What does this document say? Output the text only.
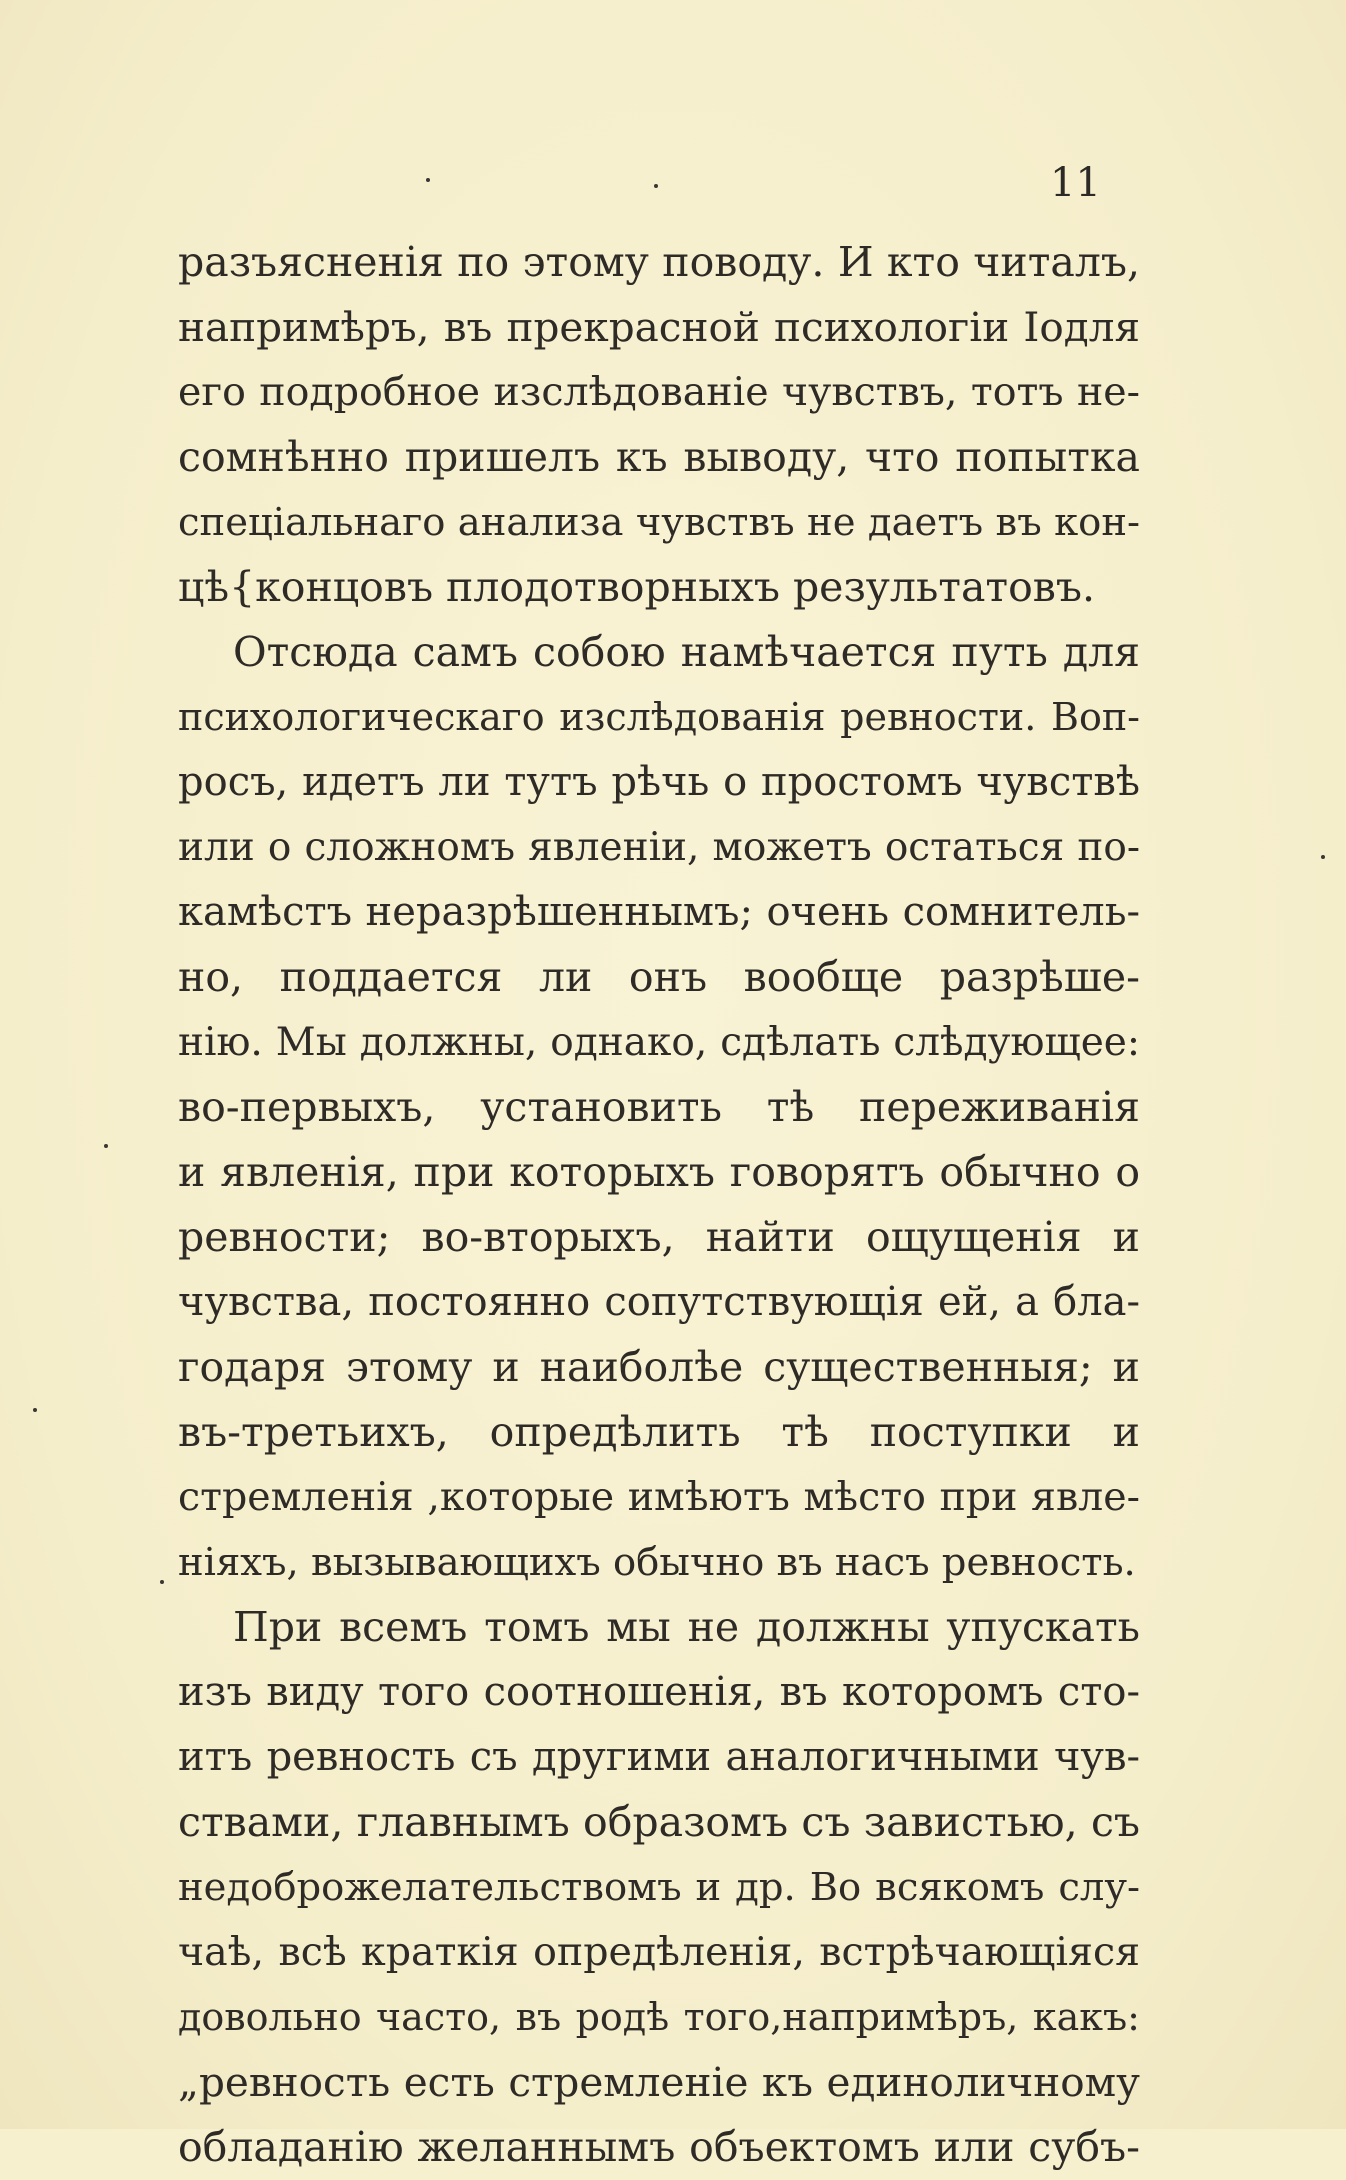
11
разъясненія по этому поводу. И кто читалъ,
напримѣръ, въ прекрасной психологіи Іодля
его подробное изслѣдованіе чувствъ, тотъ не-
сомнѣнно пришелъ къ выводу, что попытка
спеціальнаго анализа чувствъ не даетъ въ кон-
цѣ{концовъ плодотворныхъ результатовъ.
Отсюда самъ собою намѣчается путь для
психологическаго изслѣдованія ревности. Воп-
росъ, идетъ ли тутъ рѣчь о простомъ чувствѣ
или о сложномъ явленіи, можетъ остаться по-
камѣстъ неразрѣшеннымъ; очень сомнитель-
но, поддается ли онъ вообще разрѣше-
нію. Мы должны, однако, сдѣлать слѣдующее:
во-первыхъ, установить тѣ переживанія
и явленія, при которыхъ говорятъ обычно о
ревности; во-вторыхъ, найти ощущенія и
чувства, постоянно сопутствующія ей, а бла-
годаря этому и наиболѣе существенныя; и
въ-третьихъ, опредѣлить тѣ поступки и
стремленія ,которые имѣютъ мѣсто при явле-
ніяхъ, вызывающихъ обычно въ насъ ревность.
При всемъ томъ мы не должны упускать
изъ виду того соотношенія, въ которомъ сто-
итъ ревность съ другими аналогичными чув-
ствами, главнымъ образомъ съ завистью, съ
недоброжелательствомъ и др. Во всякомъ слу-
чаѣ, всѣ краткія опредѣленія, встрѣчающіяся
довольно часто, въ родѣ того,напримѣръ, какъ:
„ревность есть стремленіе къ единоличному
обладанію желаннымъ объектомъ или субъ-
